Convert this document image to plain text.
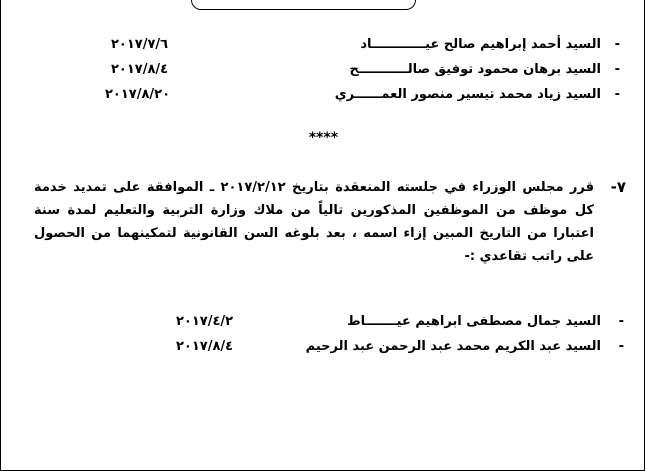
-
السيد أحمد إبراهيم صالح عيــــــــــــاد
٢٠١٧/٧/٦
-
السيد برهان محمود توفيق صالـــــــــــح
٢٠١٧/٨/٤
-
السيد زياد محمد تيسير منصور العمــــــري
٢٠١٧/٨/٢٠
****
-٧

قرر مجلس الوزراء في جلسته المنعقدة بتاريخ ٢٠١٧/٢/١٢ ـ الموافقة على تمديد خدمة كل موظف من الموظفين المذكورين تالياً من ملاك وزارة التربية والتعليم لمدة سنة اعتبارا من التاريخ المبين إزاء اسمه ، بعد بلوغه السن القانونية لتمكينهما من الحصول على راتب تقاعدي :-

-
السيد جمال مصطفى ابراهيم عيـــــــاط
٢٠١٧/٤/٢
-
السيد عبد الكريم محمد عبد الرحمن عبد الرحيم
٢٠١٧/٨/٤
